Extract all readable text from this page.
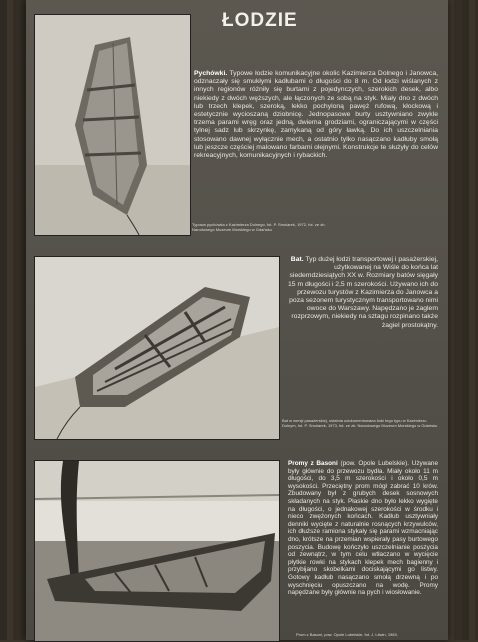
ŁODZIE
Typowa pychówka z Kazimierza Dolnego, fot. P. Smolarek, 1972, fot. ze zb. Narodowego Muzeum Morskiego w Gdańsku
Pychówki. Typowe łodzie komunikacyjne okolic Kazimierza Dolnego i Janowca, odznaczały się smukłymi kadłubami o długości do 8 m. Od łodzi wiślanych z innych regionów różniły się burtami z pojedynczych, szerokich desek, albo niekiedy z dwóch węższych, ale łączonych ze sobą na styk. Miały dno z dwóch lub trzech klepek, szeroką, lekko pochyloną pawęż rufową, kłockową i estetycznie wycioszaną dziobnicę. Jednopasowe burty usztywniano zwykle trzema parami wręg oraz jedną, dwiema grodziami, ograniczającymi w części tylnej sadz lub skrzynkę, zamykaną od góry ławką. Do ich uszczelniania stosowano dawnej wyłącznie mech, a ostatnio tylko nasączano kadłuby smołą lub jeszcze częściej malowano farbami olejnymi. Konstrukcje te służyły do celów rekreacyjnych, komunikacyjnych i rybackich.
Bat w wersji pasażerskiej, ostatnia udokumentowana łódź tego typu w Kazimierzu Dolnym, fot. P. Smolarek, 1973, fot. ze zb. Narodowego Muzeum Morskiego w Gdańsku
Bat. Typ dużej łodzi transportowej i pasażerskiej, użytkowanej na Wiśle do końca lat siedemdziesiątych XX w. Rozmiary batów sięgały 15 m długości i 2,5 m szerokości. Używano ich do przewozu turystów z Kazimierza do Janowca a poza sezonem turystycznym transportowano nimi owoce do Warszawy. Napędzano je żaglem rozprzowym, niekiedy na sztagu rozpinano także żagiel prostokątny.
Prom z Basoni, pow. Opole Lubelskie, fot. J. Litwin, 1983.
Promy z Basoni (pow. Opole Lubelskie). Używane były głównie do przewozu bydła. Miały około 11 m długości, do 3,5 m szerokości i około 0,5 m wysokości. Przeciętny prom mógł zabrać 10 krów. Zbudowany był z grubych desek sosnowych składanych na styk. Płaskie dno było lekko wygięte na długości, o jednakowej szerokości w środku i nieco zwężonych końcach. Kadłub usztywniały denniki wycięte z naturalnie rosnących krzywulców, ich dłuższe ramiona stykały się parami wzmacniając dno, krótsze na przemian wspierały pasy burtowego poszycia. Budowę kończyło uszczelnianie poszycia od zewnątrz, w tym celu wtłaczano w wycięcie płytkie rowki na stykach klepek mech bagienny i przybijano skobelkami dociskającymi go listwy. Gotowy kadłub nasączano smołą drzewną i po wyschnięciu opuszczano na wodę. Promy napędzane były głównie na pych i wiosłowanie.
